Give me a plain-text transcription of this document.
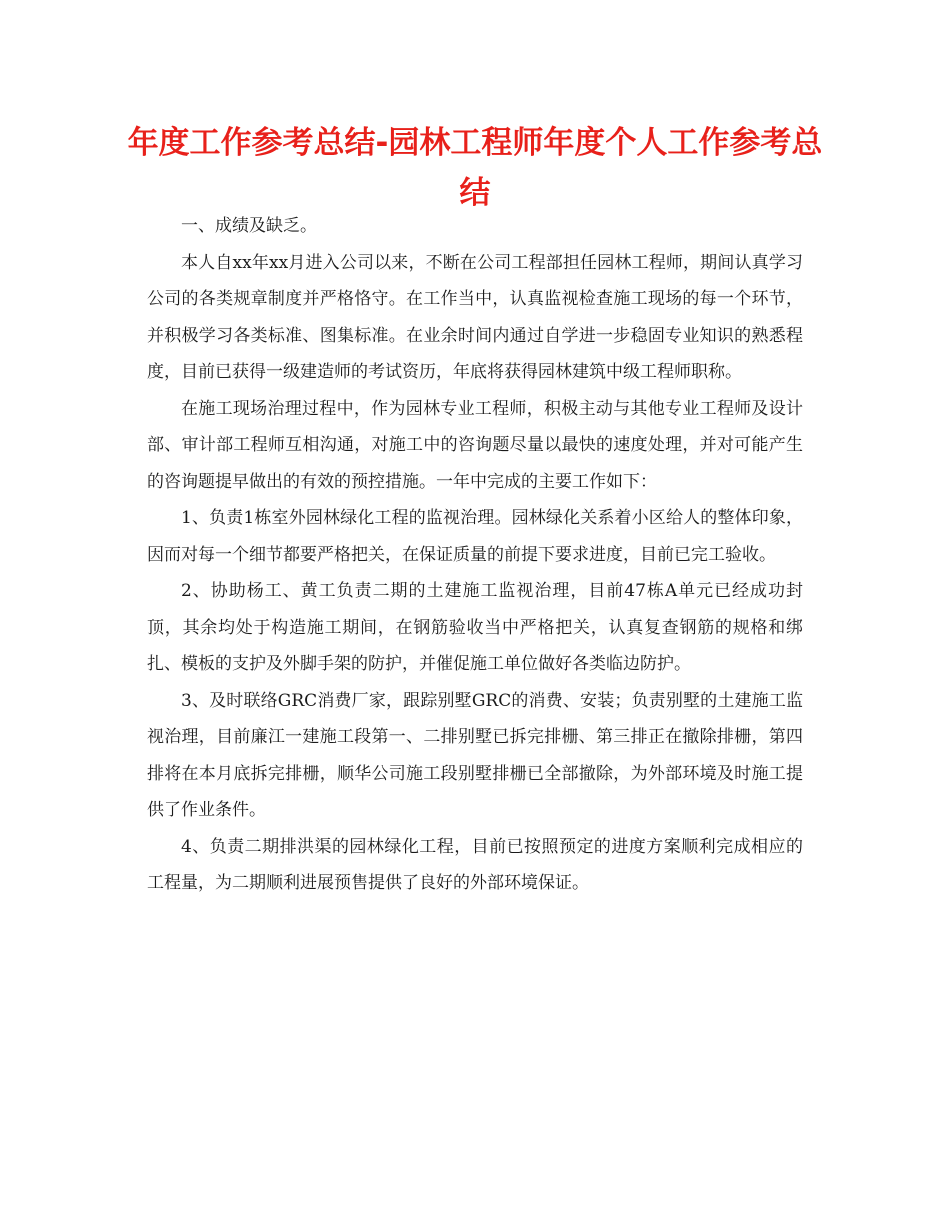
年度工作参考总结-园林工程师年度个人工作参考总结

一、成绩及缺乏。

本人自xx年xx月进入公司以来，不断在公司工程部担任园林工程师，期间认真学习公司的各类规章制度并严格恪守。在工作当中，认真监视检查施工现场的每一个环节，并积极学习各类标准、图集标准。在业余时间内通过自学进一步稳固专业知识的熟悉程度，目前已获得一级建造师的考试资历，年底将获得园林建筑中级工程师职称。

在施工现场治理过程中，作为园林专业工程师，积极主动与其他专业工程师及设计部、审计部工程师互相沟通，对施工中的咨询题尽量以最快的速度处理，并对可能产生的咨询题提早做出的有效的预控措施。一年中完成的主要工作如下：

1、负责1栋室外园林绿化工程的监视治理。园林绿化关系着小区给人的整体印象，因而对每一个细节都要严格把关，在保证质量的前提下要求进度，目前已完工验收。

2、协助杨工、黄工负责二期的土建施工监视治理，目前47栋A单元已经成功封顶，其余均处于构造施工期间，在钢筋验收当中严格把关，认真复查钢筋的规格和绑扎、模板的支护及外脚手架的防护，并催促施工单位做好各类临边防护。

3、及时联络GRC消费厂家，跟踪别墅GRC的消费、安装；负责别墅的土建施工监视治理，目前廉江一建施工段第一、二排别墅已拆完排栅、第三排正在撤除排栅，第四排将在本月底拆完排栅，顺华公司施工段别墅排栅已全部撤除，为外部环境及时施工提供了作业条件。

4、负责二期排洪渠的园林绿化工程，目前已按照预定的进度方案顺利完成相应的工程量，为二期顺利进展预售提供了良好的外部环境保证。
